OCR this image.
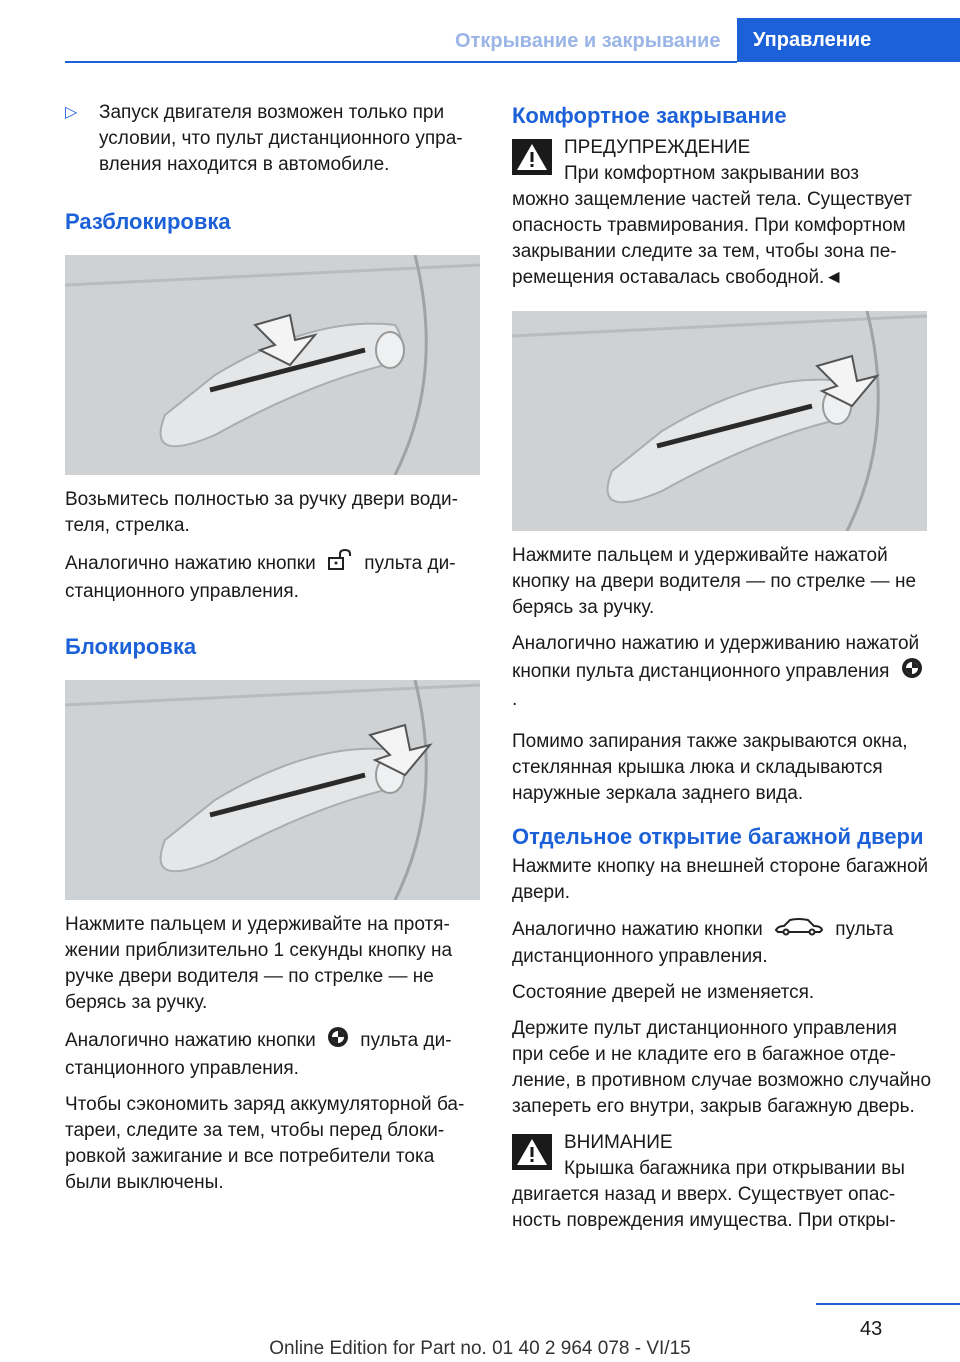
Открывание и закрывание	Управление
▷	Запуск двигателя возможен только при условии, что пульт дистанционного управления находится в автомобиле.

Разблокировка

Возьмитесь полностью за ручку двери водителя, стрелка.

Аналогично нажатию кнопки	пульта дистанционного управления.

Блокировка

Нажмите пальцем и удерживайте на протяжении приблизительно 1 секунды кнопку на ручке двери водителя — по стрелке — не берясь за ручку.

Аналогично нажатию кнопки пульта дистанционного управления.

Чтобы сэкономить заряд аккумуляторной батареи, следите за тем, чтобы перед блокировкой зажигание и все потребители тока были выключены.

Комфортное закрывание
ПРЕДУПРЕЖДЕНИЕ
При комфортном закрывании воз

можно защемление частей тела. Существует опасность травмирования. При комфортном закрывании следите за тем, чтобы зона перемещения оставалась свободной.◄

Нажмите пальцем и удерживайте нажатой кнопку на двери водителя — по стрелке — не берясь за ручку.

Аналогично нажатию и удерживанию нажатой кнопки пульта дистанционного управления  .

Помимо запирания также закрываются окна, стеклянная крышка люка и складываются наружные зеркала заднего вида.

Отдельное открытие багажной двери

Нажмите кнопку на внешней стороне багажной двери.

Аналогично нажатию кнопки	пульта дистанционного управления.

Состояние дверей не изменяется.

Держите пульт дистанционного управления при себе и не кладите его в багажное отделение, в противном случае возможно случайно запереть его внутри, закрыв багажную дверь.

ВНИМАНИЕ
Крышка багажника при открывании вы

двигается назад и вверх. Существует опасность повреждения имущества. При откры-

43
Online Edition for Part no. 01 40 2 964 078 - VI/15
